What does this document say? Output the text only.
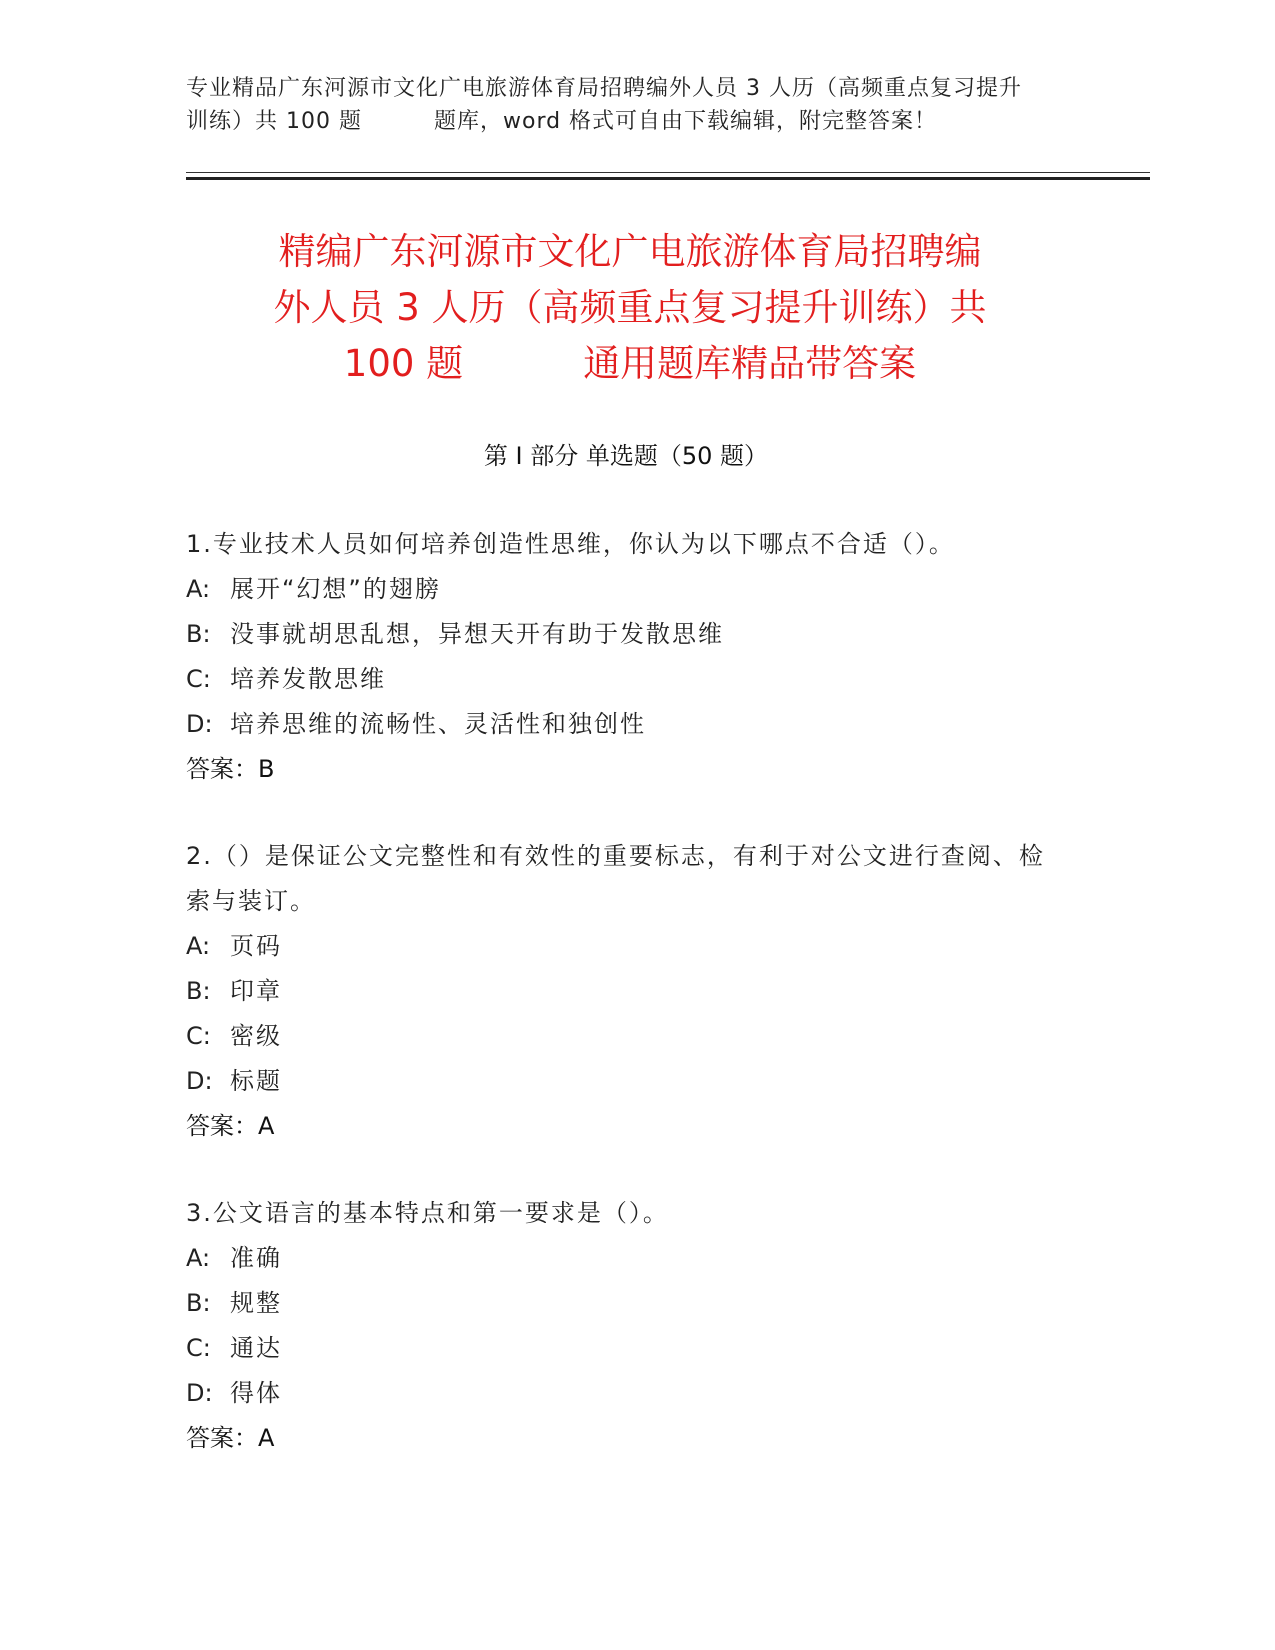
专业精品广东河源市文化广电旅游体育局招聘编外人员 3 人历（高频重点复习提升
训练）共 100 题	题库，word 格式可自由下载编辑，附完整答案！
精编广东河源市文化广电旅游体育局招聘编
外人员 3 人历（高频重点复习提升训练）共
100 题	通用题库精品带答案
第 I 部分 单选题（50 题）
1.专业技术人员如何培养创造性思维，你认为以下哪点不合适（）。
A: 展开“幻想”的翅膀
B: 没事就胡思乱想，异想天开有助于发散思维
C: 培养发散思维
D: 培养思维的流畅性、灵活性和独创性
答案：B
2.（）是保证公文完整性和有效性的重要标志，有利于对公文进行查阅、检索与装订。
A: 页码
B: 印章
C: 密级
D: 标题
答案：A
3.公文语言的基本特点和第一要求是（）。
A: 准确
B: 规整
C: 通达
D: 得体
答案：A
